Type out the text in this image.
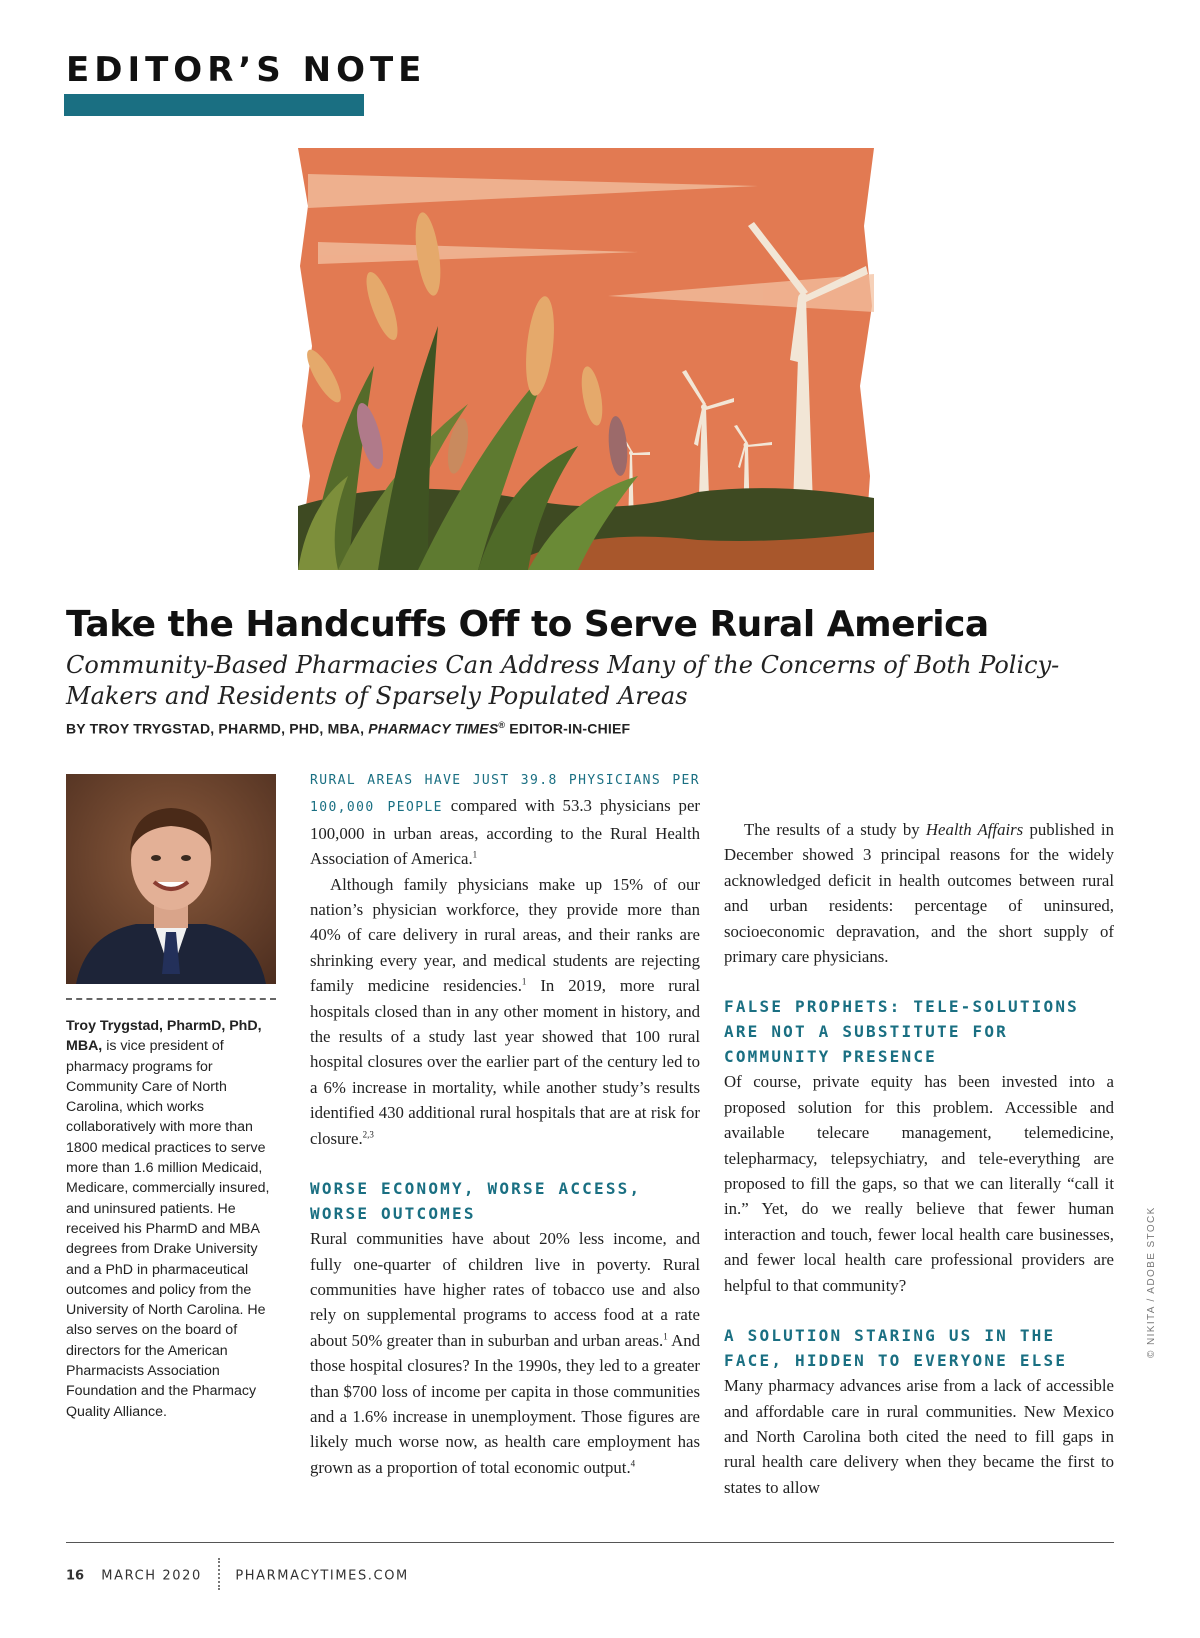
EDITOR’S NOTE
Take the Handcuffs Off to Serve Rural America
Community-Based Pharmacies Can Address Many of the Concerns of Both Policy-Makers and Residents of Sparsely Populated Areas
BY TROY TRYGSTAD, PHARMD, PHD, MBA, PHARMACY TIMES® EDITOR-IN-CHIEF
Troy Trygstad, PharmD, PhD, MBA, is vice president of pharmacy programs for Community Care of North Carolina, which works collaboratively with more than 1800 medical practices to serve more than 1.6 million Medicaid, Medicare, commercially insured, and uninsured patients. He received his PharmD and MBA degrees from Drake University and a PhD in pharmaceutical outcomes and policy from the University of North Carolina. He also serves on the board of directors for the American Pharmacists Association Foundation and the Pharmacy Quality Alliance.

RURAL AREAS HAVE JUST 39.8 PHYSICIANS PER 100,000 PEOPLE compared with 53.3 physicians per 100,000 in urban areas, according to the Rural Health Association of America.$^1$

Although family physicians make up 15% of our nation’s physician workforce, they provide more than 40% of care delivery in rural areas, and their ranks are shrinking every year, and medical students are rejecting family medicine residencies.$^1$ In 2019, more rural hospitals closed than in any other moment in history, and the results of a study last year showed that 100 rural hospital closures over the earlier part of the century led to a 6% increase in mortality, while another study’s results identified 430 additional rural hospitals that are at risk for closure.$^{2,3}$

WORSE ECONOMY, WORSE ACCESS, WORSE OUTCOMES

Rural communities have about 20% less income, and fully one-quarter of children live in poverty. Rural communities have higher rates of tobacco use and also rely on supplemental programs to access food at a rate about 50% greater than in suburban and urban areas.$^1$ And those hospital closures? In the 1990s, they led to a greater than $700 loss of income per capita in those communities and a 1.6% increase in unemployment. Those figures are likely much worse now, as health care employment has grown as a proportion of total economic output.$^4$

The results of a study by Health Affairs published in December showed 3 principal reasons for the widely acknowledged deficit in health outcomes between rural and urban residents: percentage of uninsured, socioeconomic depravation, and the short supply of primary care physicians.

FALSE PROPHETS: TELE-SOLUTIONS ARE NOT A SUBSTITUTE FOR COMMUNITY PRESENCE

Of course, private equity has been invested into a proposed solution for this problem. Accessible and available telecare management, telemedicine, telepharmacy, telepsychiatry, and tele-everything are proposed to fill the gaps, so that we can literally “call it in.” Yet, do we really believe that fewer human interaction and touch, fewer local health care businesses, and fewer local health care professional providers are helpful to that community?

A SOLUTION STARING US IN THE FACE, HIDDEN TO EVERYONE ELSE

Many pharmacy advances arise from a lack of accessible and affordable care in rural communities. New Mexico and North Carolina both cited the need to fill gaps in rural health care delivery when they became the first to states to allow

© NIKITA / ADOBE STOCK
16 MARCH 2020	PHARMACYTIMES.COM
